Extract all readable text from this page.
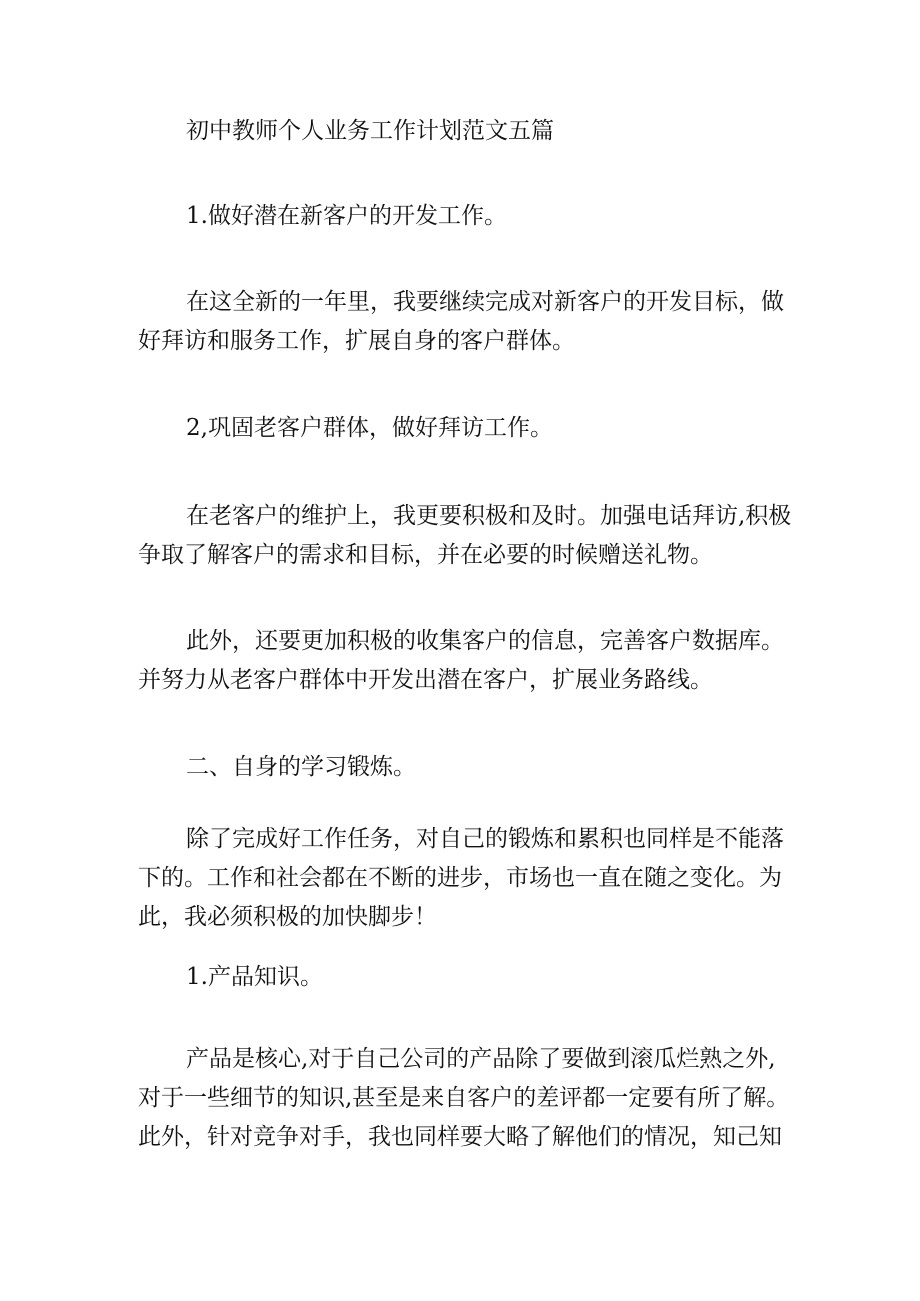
初中教师个人业务工作计划范文五篇

1.做好潜在新客户的开发工作。

在这全新的一年里，我要继续完成对新客户的开发目标，做好拜访和服务工作，扩展自身的客户群体。

2,巩固老客户群体，做好拜访工作。

在老客户的维护上，我更要积极和及时。加强电话拜访,积极争取了解客户的需求和目标，并在必要的时候赠送礼物。

此外，还要更加积极的收集客户的信息，完善客户数据库。并努力从老客户群体中开发出潜在客户，扩展业务路线。

二、自身的学习锻炼。

除了完成好工作任务，对自己的锻炼和累积也同样是不能落下的。工作和社会都在不断的进步，市场也一直在随之变化。为此，我必须积极的加快脚步！

1.产品知识。

产品是核心,对于自己公司的产品除了要做到滚瓜烂熟之外,对于一些细节的知识,甚至是来自客户的差评都一定要有所了解。此外，针对竞争对手，我也同样要大略了解他们的情况，知己知
